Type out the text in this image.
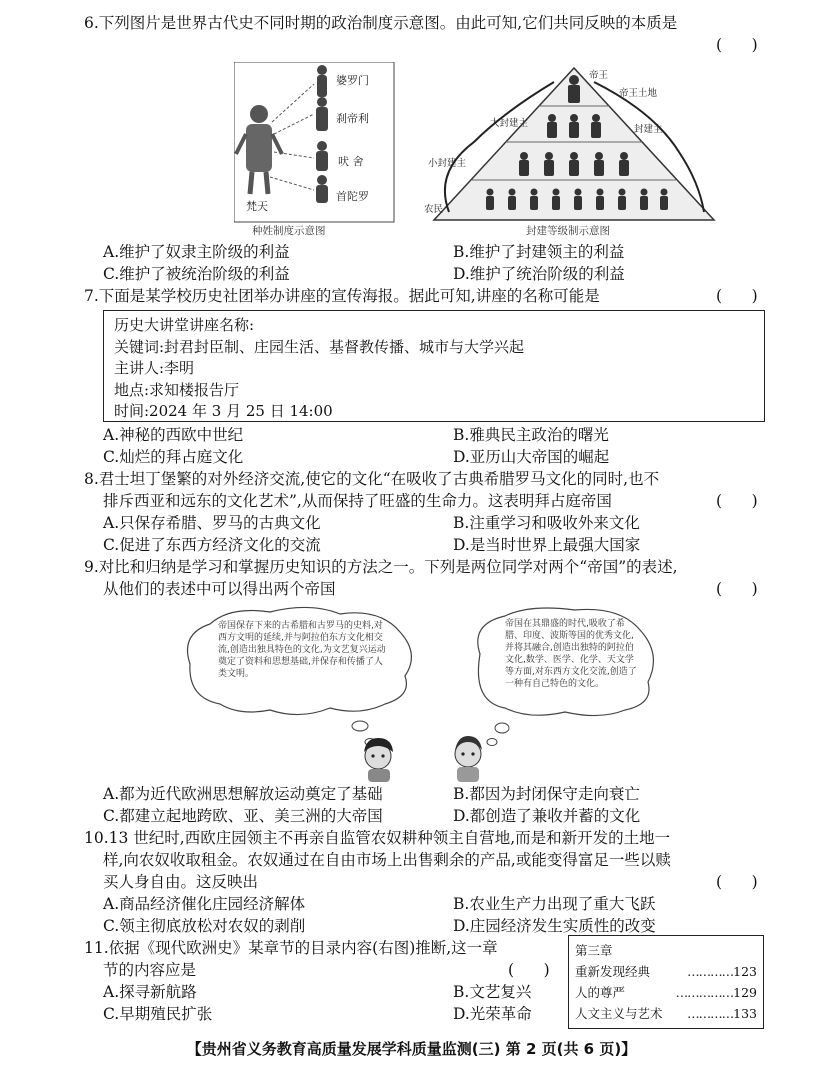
6.下列图片是世界古代史不同时期的政治制度示意图。由此可知,它们共同反映的本质是
(      )
婆罗门
刹帝利
吠 舍
首陀罗
梵天
种姓制度示意图
帝王
帝王土地
大封建主
封建主
小封建主
农民
封建等级制示意图
A.维护了奴隶主阶级的利益	B.维护了封建领主的利益
C.维护了被统治阶级的利益	D.维护了统治阶级的利益
7.下面是某学校历史社团举办讲座的宣传海报。据此可知,讲座的名称可能是	(      )
历史大讲堂讲座名称:
关键词:封君封臣制、庄园生活、基督教传播、城市与大学兴起
主讲人:李明
地点:求知楼报告厅
时间:2024 年 3 月 25 日 14:00
A.神秘的西欧中世纪	B.雅典民主政治的曙光
C.灿烂的拜占庭文化	D.亚历山大帝国的崛起
8.君士坦丁堡繁的对外经济交流,使它的文化“在吸收了古典希腊罗马文化的同时,也不
排斥西亚和远东的文化艺术”,从而保持了旺盛的生命力。这表明拜占庭帝国	(      )
A.只保存希腊、罗马的古典文化	B.注重学习和吸收外来文化
C.促进了东西方经济文化的交流	D.是当时世界上最强大国家
9.对比和归纳是学习和掌握历史知识的方法之一。下列是两位同学对两个“帝国”的表述,
从他们的表述中可以得出两个帝国	(      )
帝国保存下来的古希腊和古罗马的史料,对西方文明的延续,并与阿拉伯东方文化相交流,创造出独具特色的文化,为文艺复兴运动奠定了资料和思想基础,并保存和传播了人类文明。
帝国在其鼎盛的时代,吸收了希腊、印度、波斯等国的优秀文化,并将其融合,创造出独特的阿拉伯文化,数学、医学、化学、天文学等方面,对东西方文化交流,创造了一种有自己特色的文化。
A.都为近代欧洲思想解放运动奠定了基础	B.都因为封闭保守走向衰亡
C.都建立起地跨欧、亚、美三洲的大帝国	D.都创造了兼收并蓄的文化
10.13 世纪时,西欧庄园领主不再亲自监管农奴耕种领主自营地,而是和新开发的土地一
样,向农奴收取租金。农奴通过在自由市场上出售剩余的产品,或能变得富足一些以赎
买人身自由。这反映出	(      )
A.商品经济催化庄园经济解体	B.农业生产力出现了重大飞跃
C.领主彻底放松对农奴的剥削	D.庄园经济发生实质性的改变
11.依据《现代欧洲史》某章节的目录内容(右图)推断,这一章
节的内容应是	(      )
A.探寻新航路	B.文艺复兴
C.早期殖民扩张	D.光荣革命
第三章
重新发现经典	…………123
人的尊严	……………129
人文主义与艺术 …………133
【贵州省义务教育高质量发展学科质量监测(三) 第 2 页(共 6 页)】
